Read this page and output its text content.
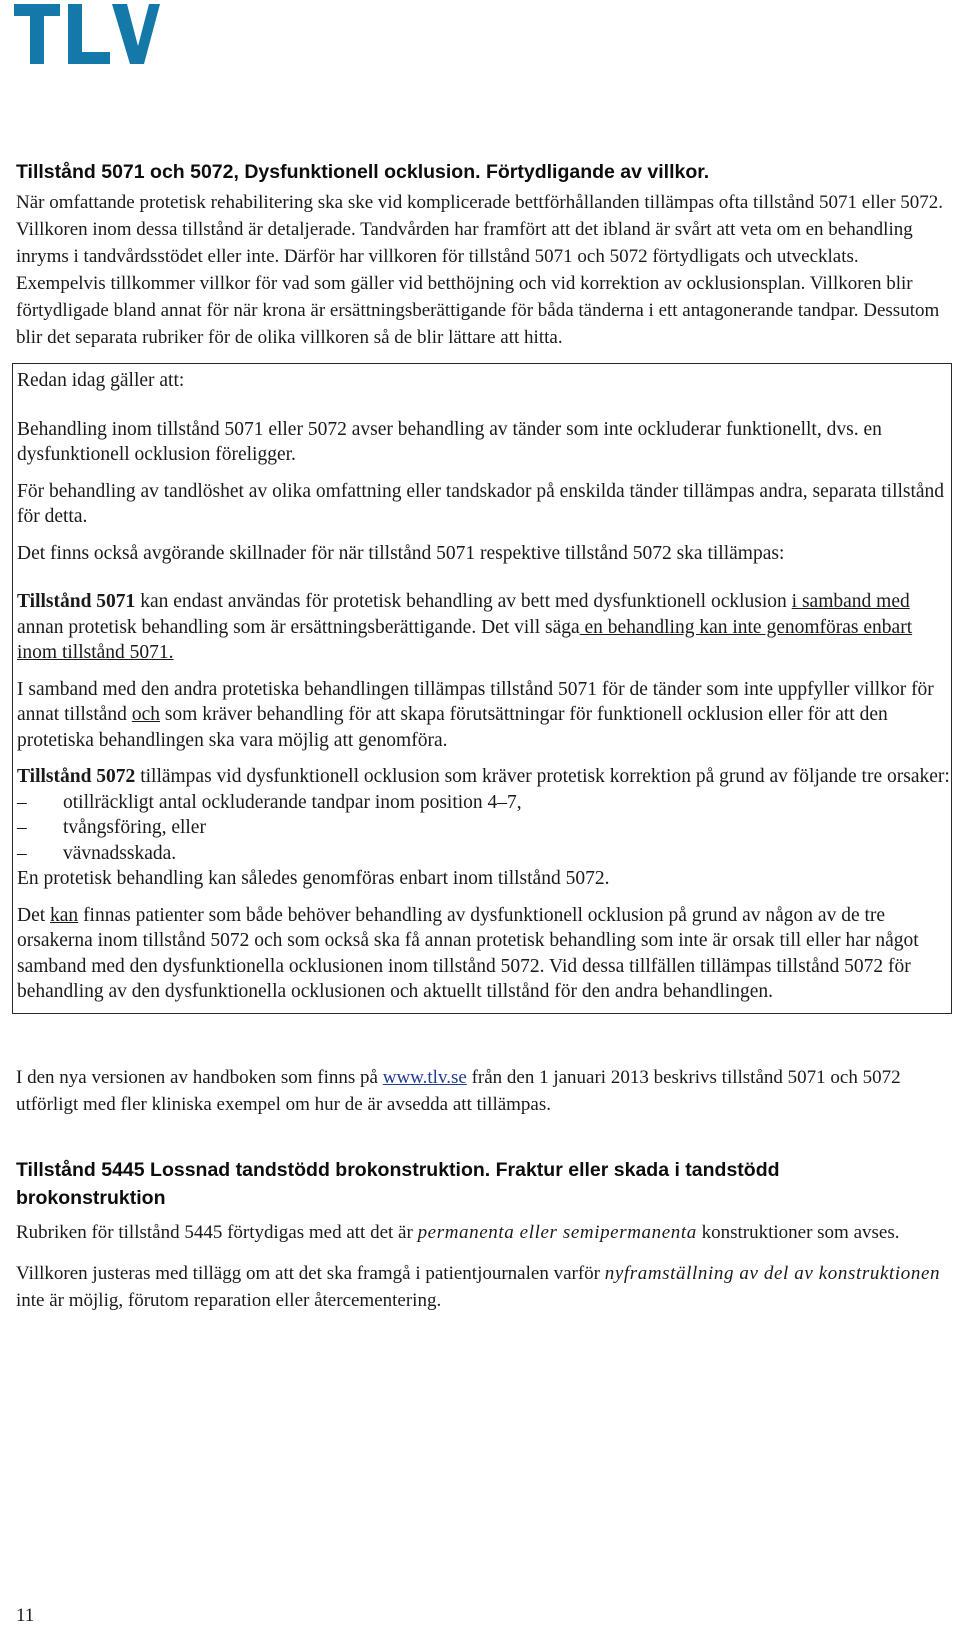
Tillstånd 5071 och 5072, Dysfunktionell ocklusion. Förtydligande av villkor.

När omfattande protetisk rehabilitering ska ske vid komplicerade bettförhållanden tillämpas ofta tillstånd 5071 eller 5072. Villkoren inom dessa tillstånd är detaljerade. Tandvården har framfört att det ibland är svårt att veta om en behandling inryms i tandvårdsstödet eller inte. Därför har villkoren för tillstånd 5071 och 5072 förtydligats och utvecklats. Exempelvis tillkommer villkor för vad som gäller vid betthöjning och vid korrektion av ocklusionsplan. Villkoren blir förtydligade bland annat för när krona är ersättningsberättigande för båda tänderna i ett antagonerande tandpar. Dessutom blir det separata rubriker för de olika villkoren så de blir lättare att hitta.

Redan idag gäller att:

Behandling inom tillstånd 5071 eller 5072 avser behandling av tänder som inte ockluderar funktionellt, dvs. en dysfunktionell ocklusion föreligger.

För behandling av tandlöshet av olika omfattning eller tandskador på enskilda tänder tillämpas andra, separata tillstånd för detta.

Det finns också avgörande skillnader för när tillstånd 5071 respektive tillstånd 5072 ska tillämpas:

Tillstånd 5071 kan endast användas för protetisk behandling av bett med dysfunktionell ocklusion i samband med annan protetisk behandling som är ersättningsberättigande. Det vill säga en behandling kan inte genomföras enbart inom tillstånd 5071.

I samband med den andra protetiska behandlingen tillämpas tillstånd 5071 för de tänder som inte uppfyller villkor för annat tillstånd och som kräver behandling för att skapa förutsättningar för funktionell ocklusion eller för att den protetiska behandlingen ska vara möjlig att genomföra.

Tillstånd 5072 tillämpas vid dysfunktionell ocklusion som kräver protetisk korrektion på grund av följande tre orsaker:

–	otillräckligt antal ockluderande tandpar inom position 4–7,

–	tvångsföring, eller

–	vävnadsskada.

En protetisk behandling kan således genomföras enbart inom tillstånd 5072.

Det kan finnas patienter som både behöver behandling av dysfunktionell ocklusion på grund av någon av de tre orsakerna inom tillstånd 5072 och som också ska få annan protetisk behandling som inte är orsak till eller har något samband med den dysfunktionella ocklusionen inom tillstånd 5072. Vid dessa tillfällen tillämpas tillstånd 5072 för behandling av den dysfunktionella ocklusionen och aktuellt tillstånd för den andra behandlingen.

I den nya versionen av handboken som finns på www.tlv.se från den 1 januari 2013 beskrivs tillstånd 5071 och 5072 utförligt med fler kliniska exempel om hur de är avsedda att tillämpas.

Tillstånd 5445 Lossnad tandstödd brokonstruktion. Fraktur eller skada i tandstödd brokonstruktion

Rubriken för tillstånd 5445 förtydigas med att det är permanenta eller semipermanenta konstruktioner som avses.

Villkoren justeras med tillägg om att det ska framgå i patientjournalen varför nyframställning av del av konstruktionen inte är möjlig, förutom reparation eller återcementering.

11
